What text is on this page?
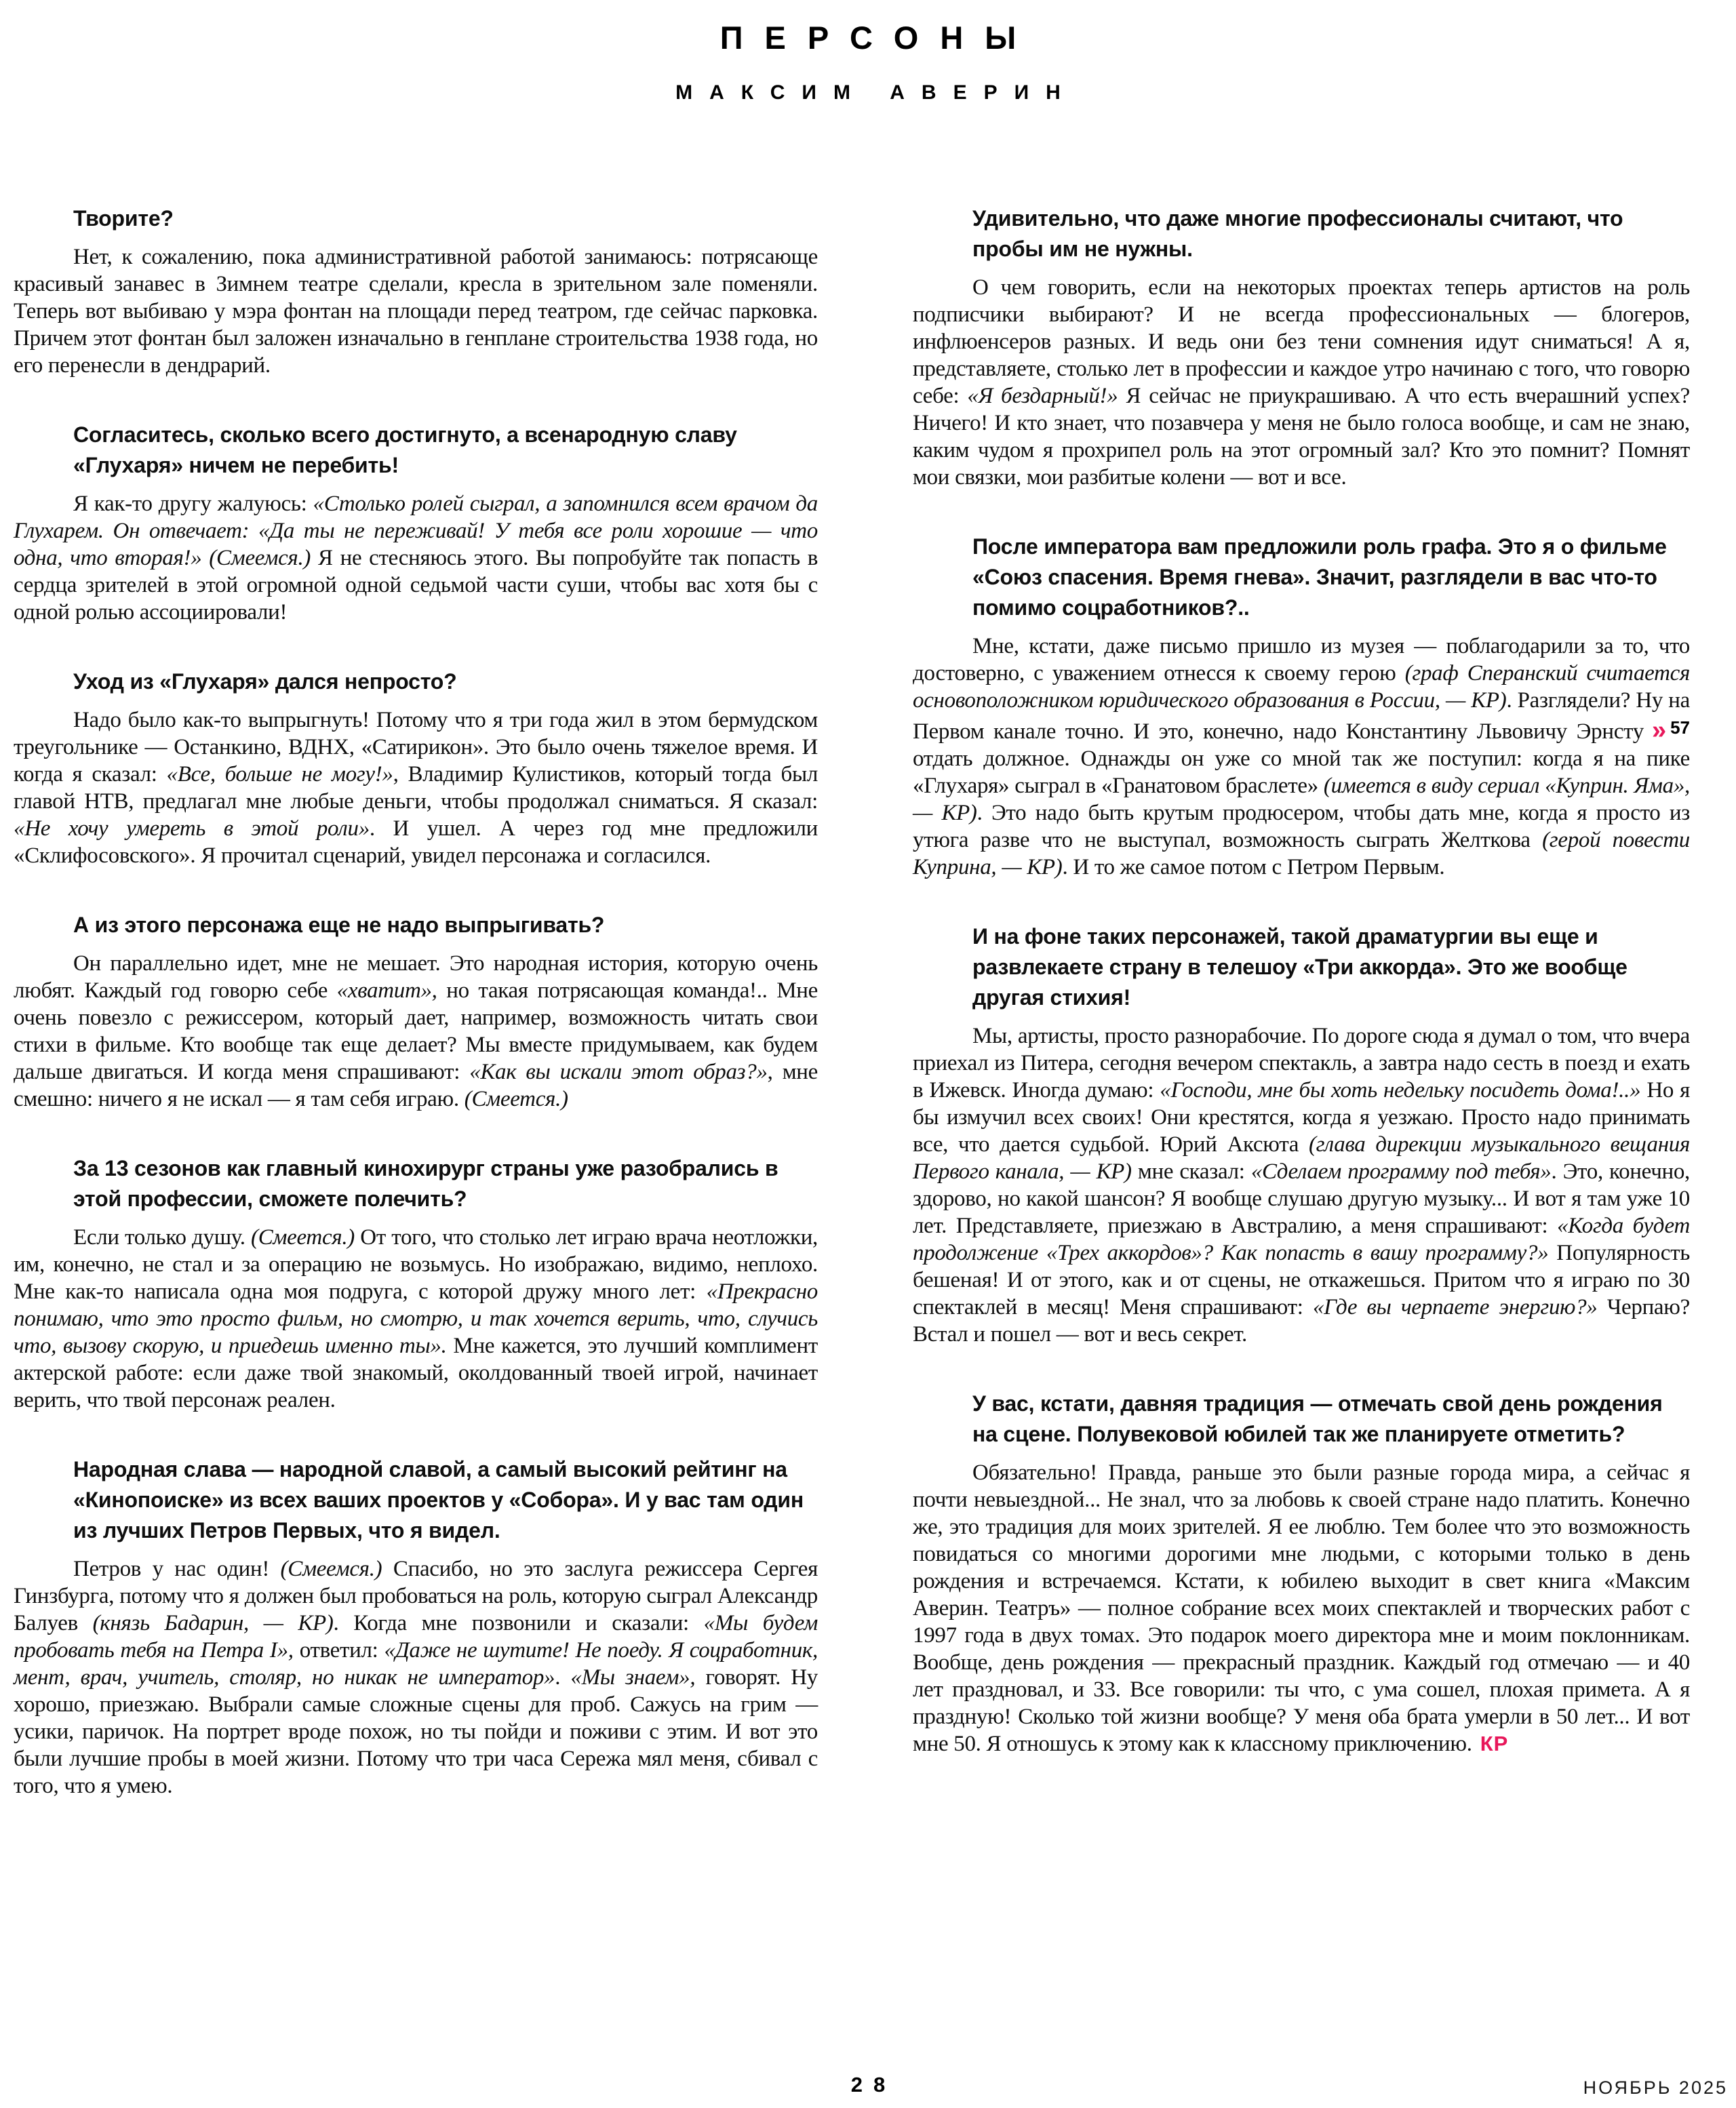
ПЕРСОНЫ
МАКСИМ АВЕРИН
Творите?

Нет, к сожалению, пока административной работой занимаюсь: потрясающе красивый занавес в Зимнем театре сделали, кресла в зрительном зале поменяли. Теперь вот выбиваю у мэра фонтан на площади перед театром, где сейчас парковка. Причем этот фонтан был заложен изначально в генплане строительства 1938 года, но его перенесли в дендрарий.

Согласитесь, сколько всего достигнуто, а всенародную славу «Глухаря» ничем не перебить!

Я как-то другу жалуюсь: «Столько ролей сыграл, а запомнился всем врачом да Глухарем. Он отвечает: «Да ты не переживай! У тебя все роли хорошие — что одна, что вторая!» (Смеемся.) Я не стесняюсь этого. Вы попробуйте так попасть в сердца зрителей в этой огромной одной седьмой части суши, чтобы вас хотя бы с одной ролью ассоциировали!

Уход из «Глухаря» дался непросто?

Надо было как-то выпрыгнуть! Потому что я три года жил в этом бермудском треугольнике — Останкино, ВДНХ, «Сатирикон». Это было очень тяжелое время. И когда я сказал: «Все, больше не могу!», Владимир Кулистиков, который тогда был главой НТВ, предлагал мне любые деньги, чтобы продолжал сниматься. Я сказал: «Не хочу умереть в этой роли». И ушел. А через год мне предложили «Склифосовского». Я прочитал сценарий, увидел персонажа и согласился.

А из этого персонажа еще не надо выпрыгивать?

Он параллельно идет, мне не мешает. Это народная история, которую очень любят. Каждый год говорю себе «хватит», но такая потрясающая команда!.. Мне очень повезло с режиссером, который дает, например, возможность читать свои стихи в фильме. Кто вообще так еще делает? Мы вместе придумываем, как будем дальше двигаться. И когда меня спрашивают: «Как вы искали этот образ?», мне смешно: ничего я не искал — я там себя играю. (Смеется.)

За 13 сезонов как главный кинохирург страны уже разобрались в этой профессии, сможете полечить?

Если только душу. (Смеется.) От того, что столько лет играю врача неотложки, им, конечно, не стал и за операцию не возьмусь. Но изображаю, видимо, неплохо. Мне как-то написала одна моя подруга, с которой дружу много лет: «Прекрасно понимаю, что это просто фильм, но смотрю, и так хочется верить, что, случись что, вызову скорую, и приедешь именно ты». Мне кажется, это лучший комплимент актерской работе: если даже твой знакомый, околдованный твоей игрой, начинает верить, что твой персонаж реален.

Народная слава — народной славой, а самый высокий рейтинг на «Кинопоиске» из всех ваших проектов у «Собора». И у вас там один из лучших Петров Первых, что я видел.

Петров у нас один! (Смеемся.) Спасибо, но это заслуга режиссера Сергея Гинзбурга, потому что я должен был пробоваться на роль, которую сыграл Александр Балуев (князь Бадарин, — КР). Когда мне позвонили и сказали: «Мы будем пробовать тебя на Петра I», ответил: «Даже не шутите! Не поеду. Я соцработник, мент, врач, учитель, столяр, но никак не император». «Мы знаем», говорят. Ну хорошо, приезжаю. Выбрали самые сложные сцены для проб. Сажусь на грим — усики, паричок. На портрет вроде похож, но ты пойди и поживи с этим. И вот это были лучшие пробы в моей жизни. Потому что три часа Сережа мял меня, сбивал с того, что я умею.

Удивительно, что даже многие профессионалы считают, что пробы им не нужны.

О чем говорить, если на некоторых проектах теперь артистов на роль подписчики выбирают? И не всегда профессиональных — блогеров, инфлюенсеров разных. И ведь они без тени сомнения идут сниматься! А я, представляете, столько лет в профессии и каждое утро начинаю с того, что говорю себе: «Я бездарный!» Я сейчас не приукрашиваю. А что есть вчерашний успех? Ничего! И кто знает, что позавчера у меня не было голоса вообще, и сам не знаю, каким чудом я прохрипел роль на этот огромный зал? Кто это помнит? Помнят мои связки, мои разбитые колени — вот и все.

После императора вам предложили роль графа. Это я о фильме «Союз спасения. Время гнева». Значит, разглядели в вас что-то помимо соцработников?..

Мне, кстати, даже письмо пришло из музея — поблагодарили за то, что достоверно, с уважением отнесся к своему герою (граф Сперанский считается основоположником юридического образования в России, — КР). Разглядели? Ну на Первом канале точно. И это, конечно, надо Константину Львовичу Эрнсту » $^{57}$ отдать должное. Однажды он уже со мной так же поступил: когда я на пике «Глухаря» сыграл в «Гранатовом браслете» (имеется в виду сериал «Куприн. Яма», — КР). Это надо быть крутым продюсером, чтобы дать мне, когда я просто из утюга разве что не выступал, возможность сыграть Желткова (герой повести Куприна, — КР). И то же самое потом с Петром Первым.

И на фоне таких персонажей, такой драматургии вы еще и развлекаете страну в телешоу «Три аккорда». Это же вообще другая стихия!

Мы, артисты, просто разнорабочие. По дороге сюда я думал о том, что вчера приехал из Питера, сегодня вечером спектакль, а завтра надо сесть в поезд и ехать в Ижевск. Иногда думаю: «Господи, мне бы хоть недельку посидеть дома!..» Но я бы измучил всех своих! Они крестятся, когда я уезжаю. Просто надо принимать все, что дается судьбой. Юрий Аксюта (глава дирекции музыкального вещания Первого канала, — КР) мне сказал: «Сделаем программу под тебя». Это, конечно, здорово, но какой шансон? Я вообще слушаю другую музыку... И вот я там уже 10 лет. Представляете, приезжаю в Австралию, а меня спрашивают: «Когда будет продолжение «Трех аккордов»? Как попасть в вашу программу?» Популярность бешеная! И от этого, как и от сцены, не откажешься. Притом что я играю по 30 спектаклей в месяц! Меня спрашивают: «Где вы черпаете энергию?» Черпаю? Встал и пошел — вот и весь секрет.

У вас, кстати, давняя традиция — отмечать свой день рождения на сцене. Полувековой юбилей так же планируете отметить?

Обязательно! Правда, раньше это были разные города мира, а сейчас я почти невыездной... Не знал, что за любовь к своей стране надо платить. Конечно же, это традиция для моих зрителей. Я ее люблю. Тем более что это возможность повидаться со многими дорогими мне людьми, с которыми только в день рождения и встречаемся. Кстати, к юбилею выходит в свет книга «Максим Аверин. Театръ» — полное собрание всех моих спектаклей и творческих работ с 1997 года в двух томах. Это подарок моего директора мне и моим поклонникам. Вообще, день рождения — прекрасный праздник. Каждый год отмечаю — и 40 лет праздновал, и 33. Все говорили: ты что, с ума сошел, плохая примета. А я праздную! Сколько той жизни вообще? У меня оба брата умерли в 50 лет... И вот мне 50. Я отношусь к этому как к классному приключению. КР

28	НОЯБРЬ 2025
